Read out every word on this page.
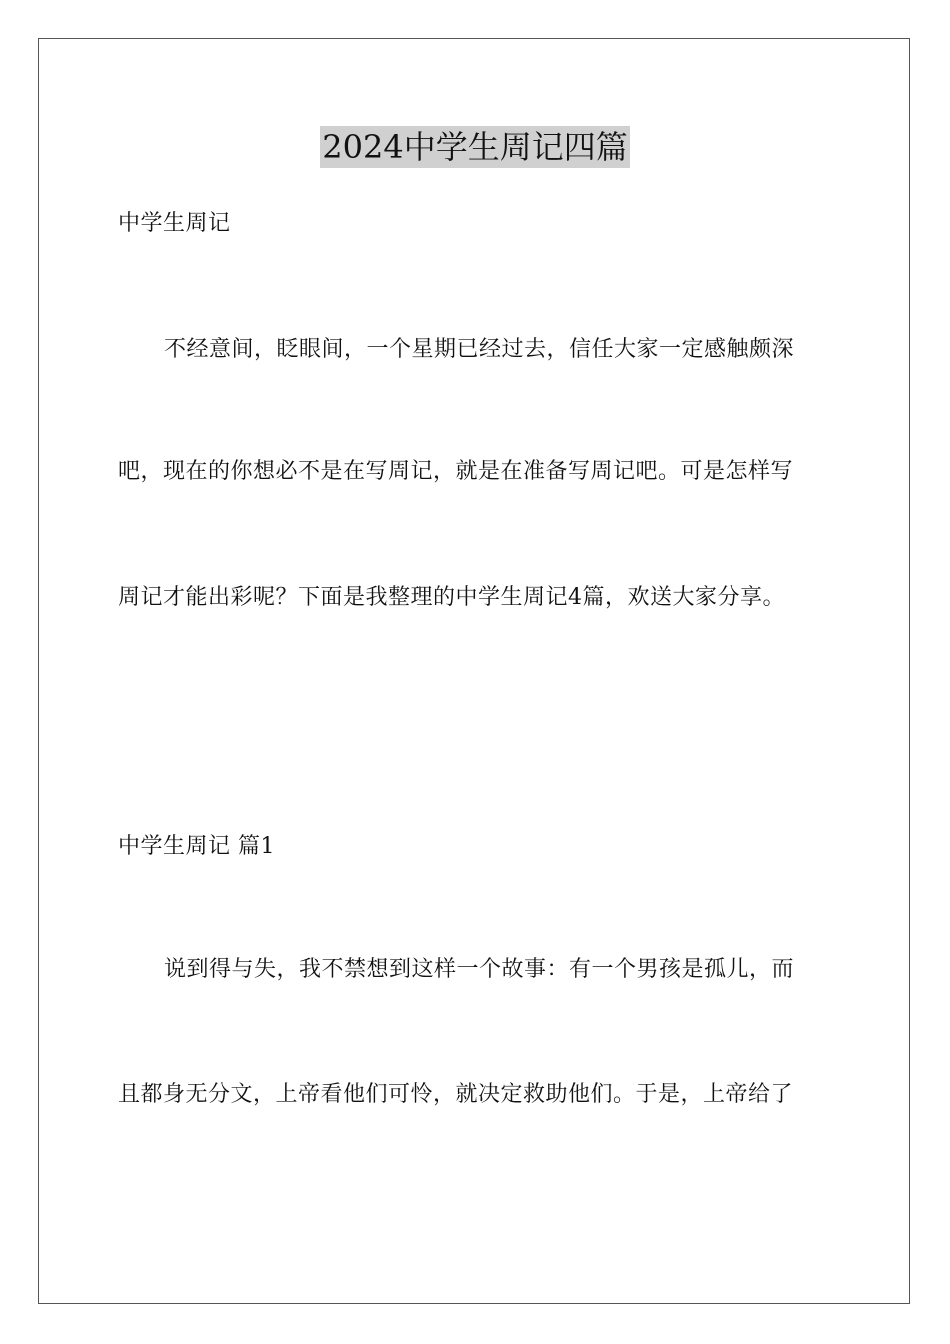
2024中学生周记四篇
中学生周记
不经意间，眨眼间，一个星期已经过去，信任大家一定感触颇深
吧，现在的你想必不是在写周记，就是在准备写周记吧。可是怎样写
周记才能出彩呢？下面是我整理的中学生周记4篇，欢送大家分享。
中学生周记 篇1
说到得与失，我不禁想到这样一个故事：有一个男孩是孤儿，而
且都身无分文，上帝看他们可怜，就决定救助他们。于是，上帝给了
